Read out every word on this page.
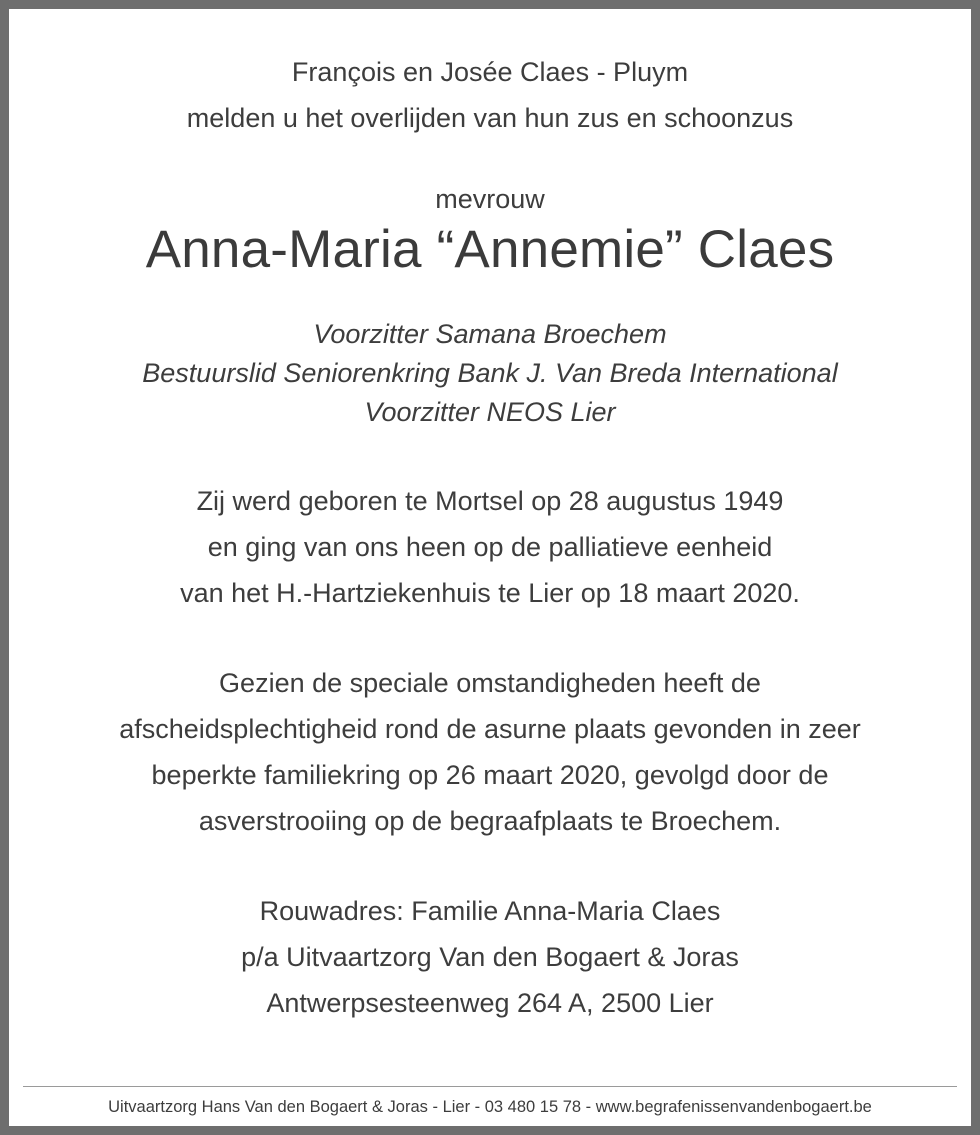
François en Josée Claes - Pluym
melden u het overlijden van hun zus en schoonzus
mevrouw
Anna-Maria “Annemie” Claes
Voorzitter Samana Broechem
Bestuurslid Seniorenkring Bank J. Van Breda International
Voorzitter NEOS Lier
Zij werd geboren te Mortsel op 28 augustus 1949
en ging van ons heen op de palliatieve eenheid
van het H.-Hartziekenhuis te Lier op 18 maart 2020.
Gezien de speciale omstandigheden heeft de
afscheidsplechtigheid rond de asurne plaats gevonden in zeer
beperkte familiekring op 26 maart 2020, gevolgd door de
asverstrooiing op de begraafplaats te Broechem.
Rouwadres: Familie Anna-Maria Claes
p/a Uitvaartzorg Van den Bogaert & Joras
Antwerpsesteenweg 264 A, 2500 Lier
Uitvaartzorg Hans Van den Bogaert & Joras - Lier - 03 480 15 78 - www.begrafenissenvandenbogaert.be
